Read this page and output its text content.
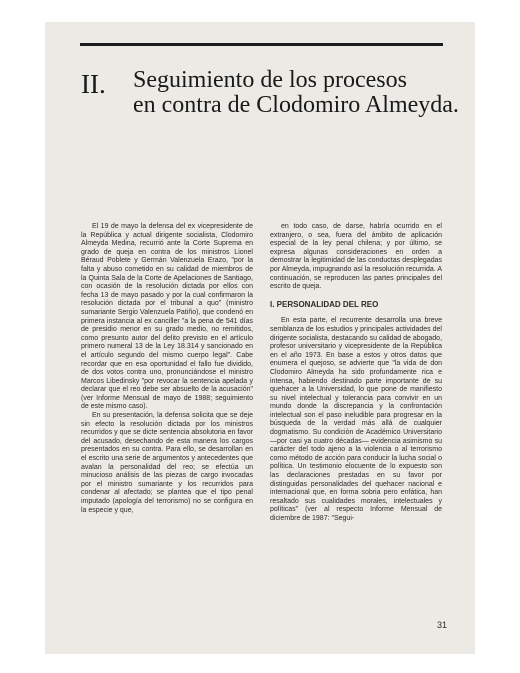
II. Seguimiento de los procesos
en contra de Clodomiro Almeyda.

El 19 de mayo la defensa del ex vicepresidente de la República y actual dirigente socialista, Clodomiro Almeyda Medina, recurrió ante la Corte Suprema en grado de queja en contra de los ministros Lionel Béraud Poblete y Germán Valenzuela Erazo, "por la falta y abuso cometido en su calidad de miembros de la Quinta Sala de la Corte de Apelaciones de Santiago, con ocasión de la resolución dictada por ellos con fecha 13 de mayo pasado y por la cual confirmaron la resolución dictada por el tribunal a quo" (ministro sumariante Sergio Valenzuela Patiño), que condenó en primera instancia al ex canciller "a la pena de 541 días de presidio menor en su grado medio, no remitidos, como presunto autor del delito previsto en el artículo primero numeral 13 de la Ley 18.314 y sancionado en el artículo segundo del mismo cuerpo legal". Cabe recordar que en esa oportunidad el fallo fue dividido, de dos votos contra uno, pronunciándose el ministro Marcos Libedinsky "por revocar la sentencia apelada y declarar que el reo debe ser absuelto de la acusación" (ver Informe Mensual de mayo de 1988; seguimiento de este mismo caso).

En su presentación, la defensa solicita que se deje sin efecto la resolución dictada por los ministros recurridos y que se dicte sentencia absolutoria en favor del acusado, desechando de esta manera los cargos presentados en su contra. Para ello, se desarrollan en el escrito una serie de argumentos y antecedentes que avalan la personalidad del reo; se efectúa un minucioso análisis de las piezas de cargo invocadas por el ministro sumariante y los recurridos para condenar al afectado; se plantea que el tipo penal imputado (apología del terrorismo) no se configura en la especie y que,

en todo caso, de darse, habría ocurrido en el extranjero, o sea, fuera del ámbito de aplicación especial de la ley penal chilena; y por último, se expresa algunas consideraciones en orden a demostrar la legitimidad de las conductas desplegadas por Almeyda, impugnando así la resolución recurrida. A continuación, se reproducen las partes principales del escrito de queja.

I. PERSONALIDAD DEL REO

En esta parte, el recurrente desarrolla una breve semblanza de los estudios y principales actividades del dirigente socialista, destacando su calidad de abogado, profesor universitario y vicepresidente de la República en el año 1973. En base a estos y otros datos que enumera el quejoso, se advierte que "la vida de don Clodomiro Almeyda ha sido profundamente rica e intensa, habiendo destinado parte importante de su quehacer a la Universidad, lo que pone de manifiesto su nivel intelectual y tolerancia para convivir en un mundo donde la discrepancia y la confrontación intelectual son el paso ineludible para progresar en la búsqueda de la verdad más allá de cualquier dogmatismo. Su condición de Académico Universitario —por casi ya cuatro décadas— evidencia asimismo su carácter del todo ajeno a la violencia o al terrorismo como método de acción para conducir la lucha social o política. Un testimonio elocuente de lo expuesto son las declaraciones prestadas en su favor por distinguidas personalidades del quehacer nacional e internacional que, en forma sobria pero enfática, han resaltado sus cualidades morales, intelectuales y políticas" (ver al respecto Informe Mensual de diciembre de 1987: "Segui-

31
